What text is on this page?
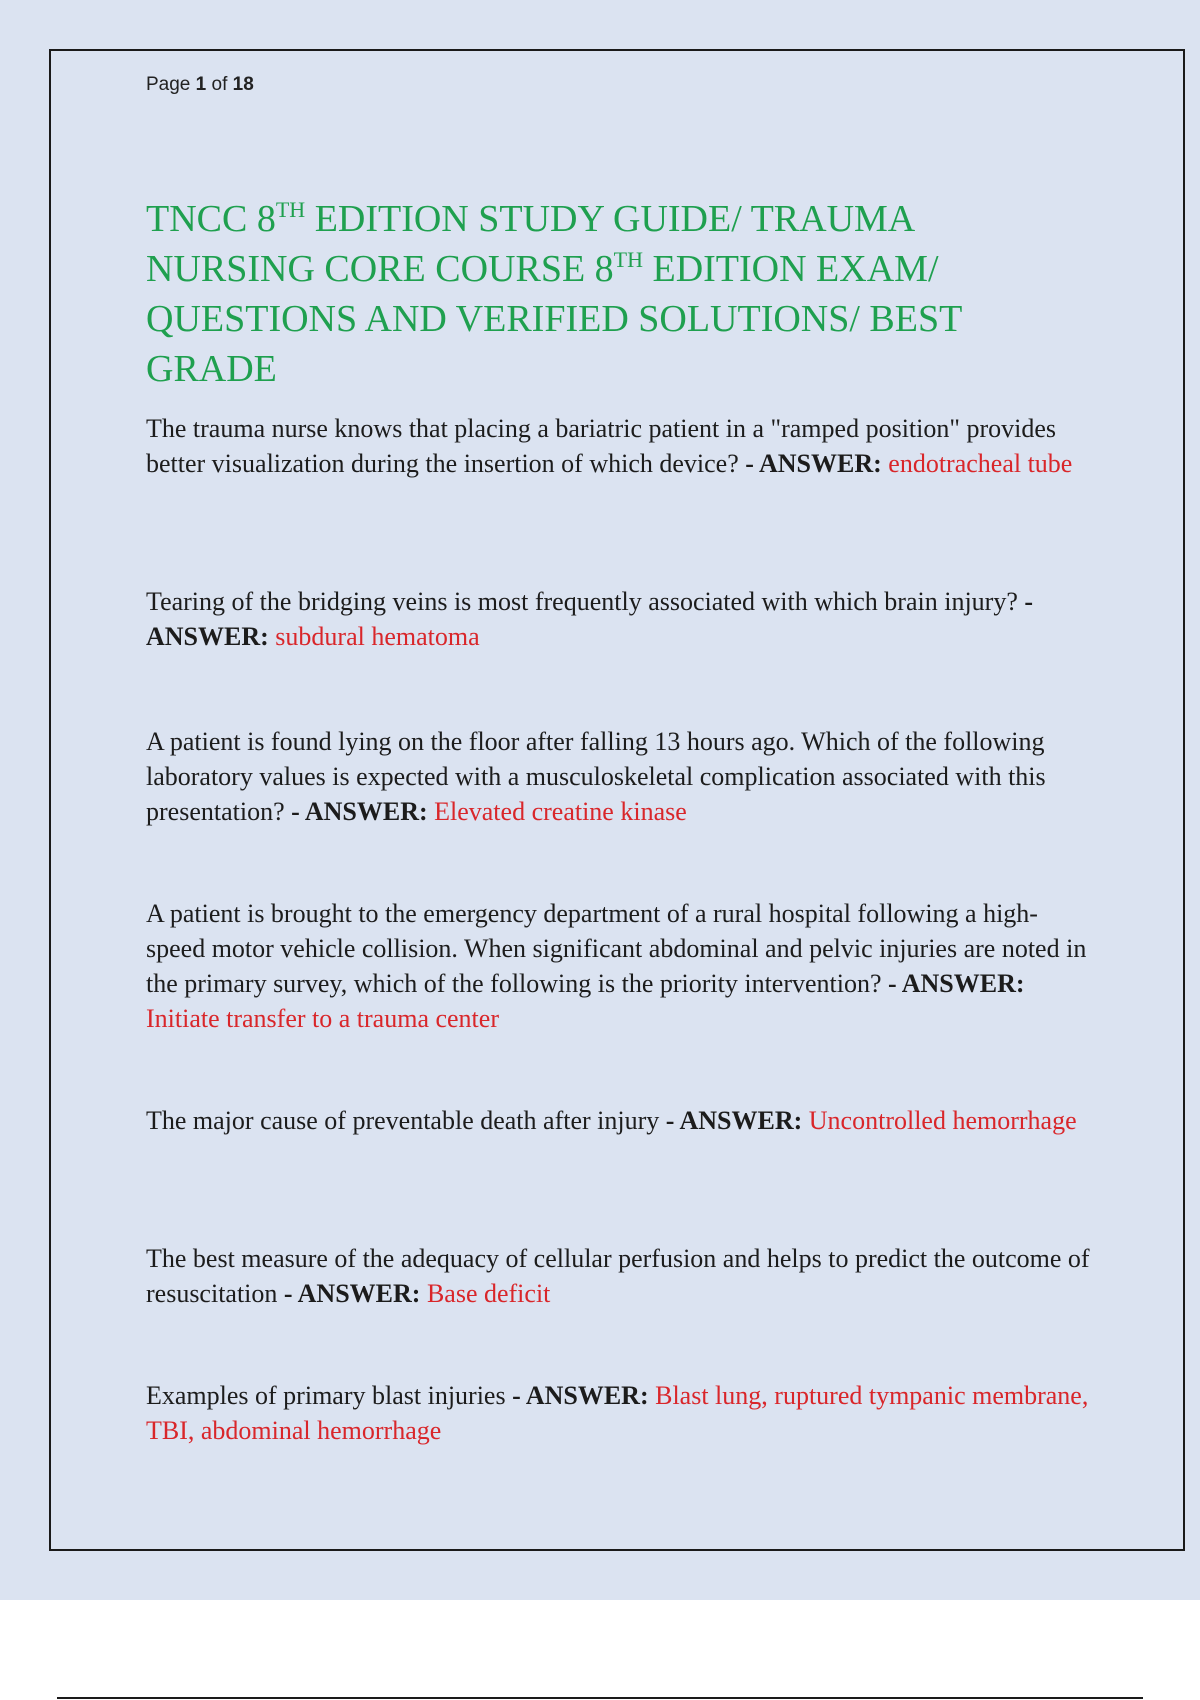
Page 1 of 18
TNCC 8TH EDITION STUDY GUIDE/ TRAUMA NURSING CORE COURSE 8TH EDITION EXAM/ QUESTIONS AND VERIFIED SOLUTIONS/ BEST GRADE

The trauma nurse knows that placing a bariatric patient in a "ramped position" provides better visualization during the insertion of which device? - ANSWER: endotracheal tube

Tearing of the bridging veins is most frequently associated with which brain injury? - ANSWER: subdural hematoma

A patient is found lying on the floor after falling 13 hours ago. Which of the following laboratory values is expected with a musculoskeletal complication associated with this presentation? - ANSWER: Elevated creatine kinase

A patient is brought to the emergency department of a rural hospital following a high-speed motor vehicle collision. When significant abdominal and pelvic injuries are noted in the primary survey, which of the following is the priority intervention? - ANSWER: Initiate transfer to a trauma center

The major cause of preventable death after injury - ANSWER: Uncontrolled hemorrhage

The best measure of the adequacy of cellular perfusion and helps to predict the outcome of resuscitation - ANSWER: Base deficit

Examples of primary blast injuries - ANSWER: Blast lung, ruptured tympanic membrane, TBI, abdominal hemorrhage
